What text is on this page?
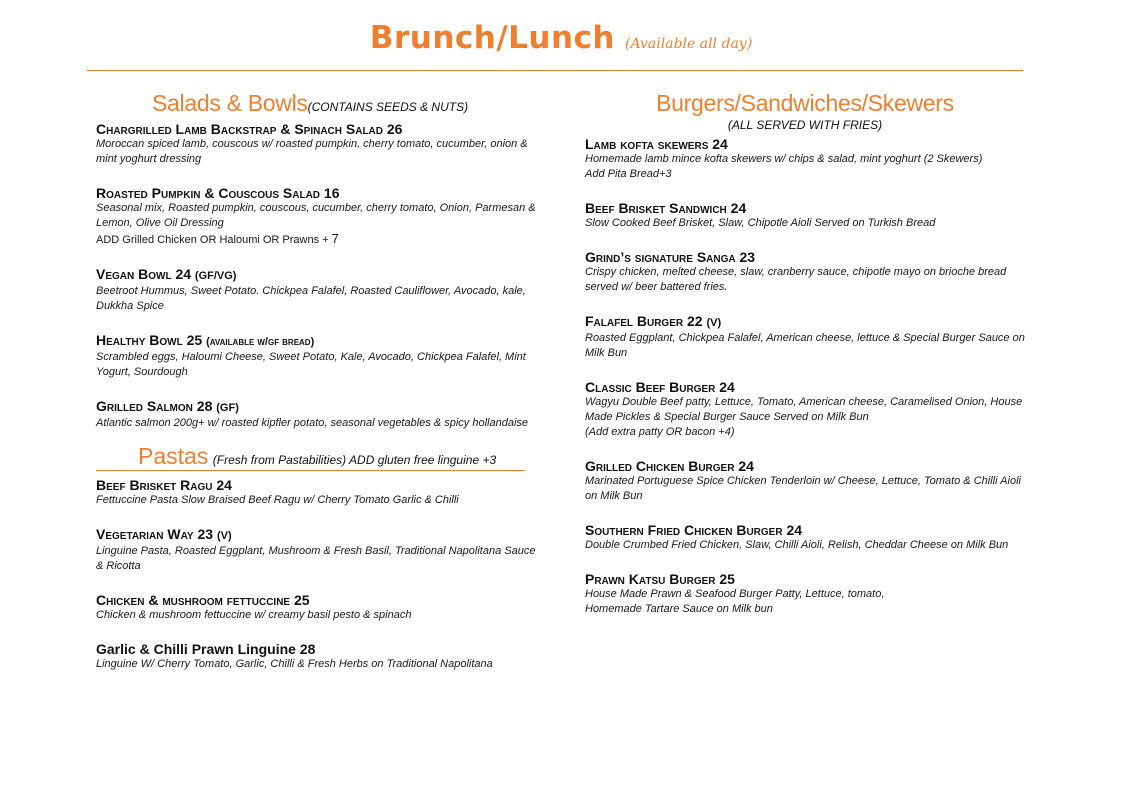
Brunch/Lunch (Available all day)
Salads & Bowls(CONTAINS SEEDS & NUTS)
Chargrilled Lamb Backstrap & Spinach Salad 26
Moroccan spiced lamb, couscous w/ roasted pumpkin, cherry tomato, cucumber, onion & mint yoghurt dressing
Roasted Pumpkin & Couscous Salad 16
Seasonal mix, Roasted pumpkin, couscous, cucumber, cherry tomato, Onion, Parmesan & Lemon, Olive Oil Dressing
ADD Grilled Chicken OR Haloumi OR Prawns + 7
Vegan Bowl 24 (GF/VG)
Beetroot Hummus, Sweet Potato. Chickpea Falafel, Roasted Cauliflower, Avocado, kale, Dukkha Spice
Healthy Bowl 25 (available w/gf bread)
Scrambled eggs, Haloumi Cheese, Sweet Potato, Kale, Avocado, Chickpea Falafel, Mint Yogurt, Sourdough
Grilled Salmon 28 (GF)
Atlantic salmon 200g+ w/ roasted kipfler potato, seasonal vegetables & spicy hollandaise
Pastas (Fresh from Pastabilities) ADD gluten free linguine +3
Beef Brisket Ragu 24
Fettuccine Pasta Slow Braised Beef Ragu w/ Cherry Tomato Garlic & Chilli
Vegetarian Way 23 (V)
Linguine Pasta, Roasted Eggplant, Mushroom & Fresh Basil, Traditional Napolitana Sauce & Ricotta
Chicken & mushroom fettuccine 25
Chicken & mushroom fettuccine w/ creamy basil pesto & spinach
Garlic & Chilli Prawn Linguine 28
Linguine W/ Cherry Tomato, Garlic, Chilli & Fresh Herbs on Traditional Napolitana
Burgers/Sandwiches/Skewers
(ALL SERVED WITH FRIES)
Lamb kofta skewers 24
Homemade lamb mince kofta skewers w/ chips & salad, mint yoghurt (2 Skewers)
Add Pita Bread+3
Beef Brisket Sandwich 24
Slow Cooked Beef Brisket, Slaw, Chipotle Aioli Served on Turkish Bread
Grind’s signature Sanga 23
Crispy chicken, melted cheese, slaw, cranberry sauce, chipotle mayo on brioche bread served w/ beer battered fries.
Falafel Burger 22 (V)
Roasted Eggplant, Chickpea Falafel, American cheese, lettuce & Special Burger Sauce on Milk Bun
Classic Beef Burger 24
Wagyu Double Beef patty, Lettuce, Tomato, American cheese, Caramelised Onion, House Made Pickles & Special Burger Sauce Served on Milk Bun
(Add extra patty OR bacon +4)
Grilled Chicken Burger 24
Marinated Portuguese Spice Chicken Tenderloin w/ Cheese, Lettuce, Tomato & Chilli Aioli on Milk Bun
Southern Fried Chicken Burger 24
Double Crumbed Fried Chicken, Slaw, Chilli Aioli, Relish, Cheddar Cheese on Milk Bun
Prawn Katsu Burger 25
House Made Prawn & Seafood Burger Patty, Lettuce, tomato,
Homemade Tartare Sauce on Milk bun
